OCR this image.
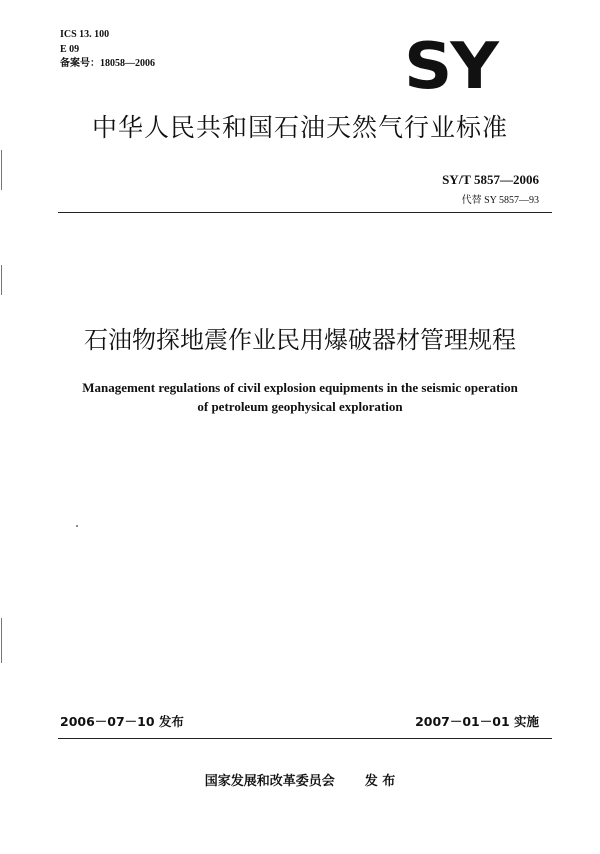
ICS 13. 100
E 09
备案号：18058—2006	SY
中华人民共和国石油天然气行业标准
SY/T 5857—2006
代替 SY 5857—93
石油物探地震作业民用爆破器材管理规程
Management regulations of civil explosion equipments in the seismic operation
of petroleum geophysical exploration
2006－07－10 发布	2007－01－01 实施
国家发展和改革委员会 发 布
